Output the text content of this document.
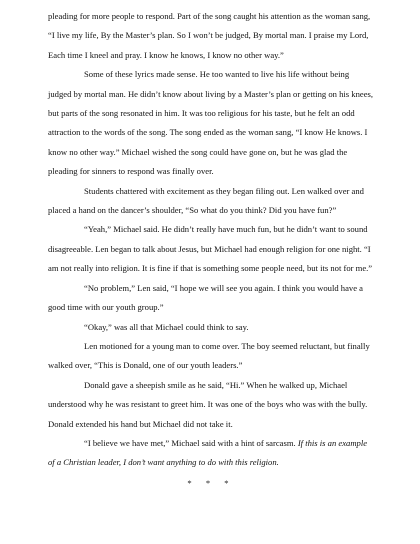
pleading for more people to respond. Part of the song caught his attention as the woman sang, “I live my life, By the Master’s plan. So I won’t be judged, By mortal man. I praise my Lord, Each time I kneel and pray. I know he knows, I know no other way.”

Some of these lyrics made sense. He too wanted to live his life without being judged by mortal man. He didn’t know about living by a Master’s plan or getting on his knees, but parts of the song resonated in him. It was too religious for his taste, but he felt an odd attraction to the words of the song. The song ended as the woman sang, “I know He knows. I know no other way.” Michael wished the song could have gone on, but he was glad the pleading for sinners to respond was finally over.

Students chattered with excitement as they began filing out. Len walked over and placed a hand on the dancer’s shoulder, “So what do you think? Did you have fun?”

“Yeah,” Michael said. He didn’t really have much fun, but he didn’t want to sound disagreeable. Len began to talk about Jesus, but Michael had enough religion for one night. “I am not really into religion. It is fine if that is something some people need, but its not for me.”

“No problem,” Len said, “I hope we will see you again. I think you would have a good time with our youth group.”

“Okay,” was all that Michael could think to say.

Len motioned for a young man to come over. The boy seemed reluctant, but finally walked over, “This is Donald, one of our youth leaders.”

Donald gave a sheepish smile as he said, “Hi.” When he walked up, Michael understood why he was resistant to greet him. It was one of the boys who was with the bully. Donald extended his hand but Michael did not take it.

“I believe we have met,” Michael said with a hint of sarcasm. If this is an example of a Christian leader, I don’t want anything to do with this religion.

* * *
